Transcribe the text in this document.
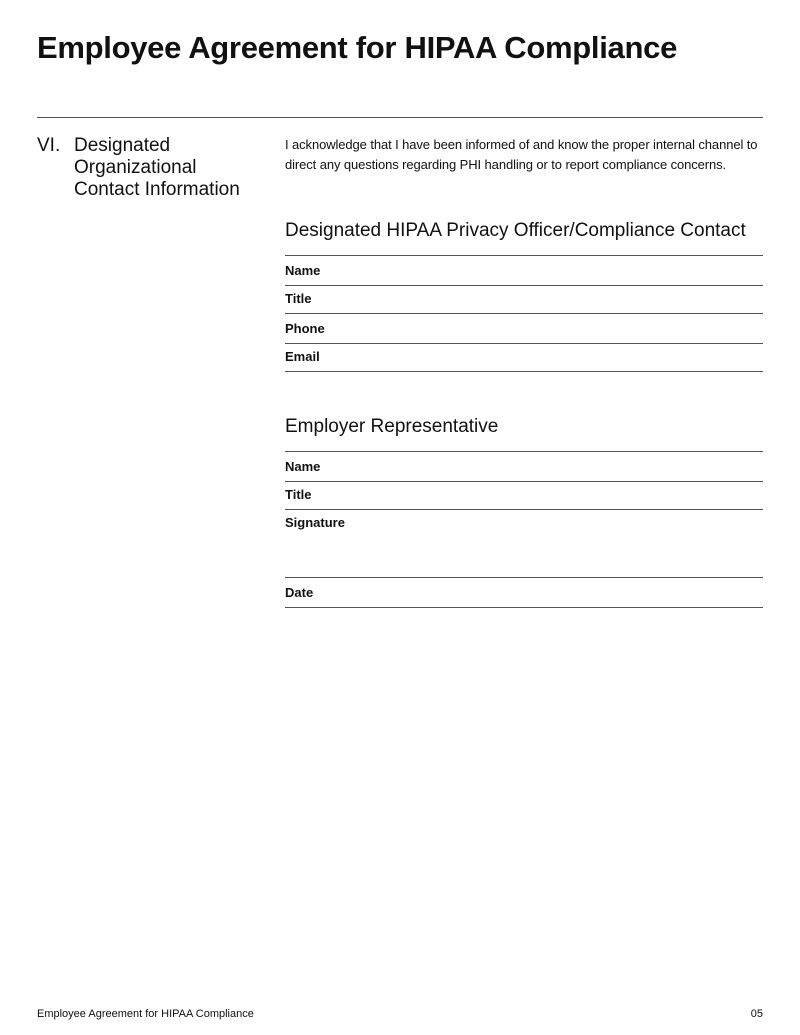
Employee Agreement for HIPAA Compliance
VI. Designated Organizational Contact Information
I acknowledge that I have been informed of and know the proper internal channel to direct any questions regarding PHI handling or to report compliance concerns.
Designated HIPAA Privacy Officer/Compliance Contact
Name
Title
Phone
Email
Employer Representative
Name
Title
Signature
Date
Employee Agreement for HIPAA Compliance	05
